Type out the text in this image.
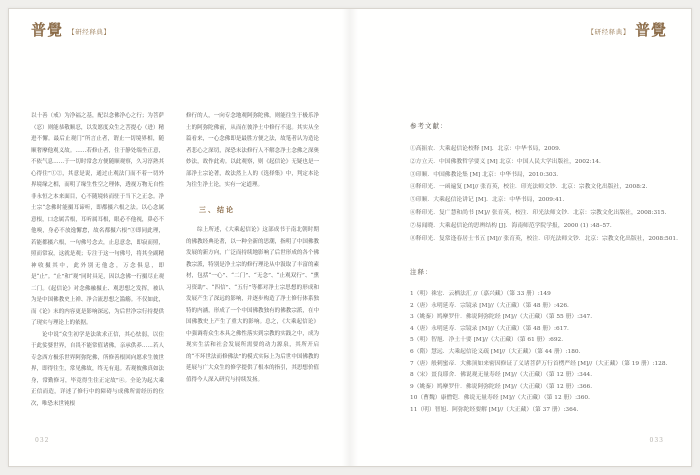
普覺 【研经释典】

以十善（戒）为净福之基，配以念佛净心之行；为菩萨（忍）则能恭敬顺忍，以发愿度众生之菩提心（进）精进不懈。最后止观门“所言止者，谓止一切境界相，随顺奢摩他观义故。……若修止者，住于静处端坐正意，不依气息……于一切时常念方便随顺观察，久习淳熟其心得住”①②，其意是说，通过止观法门而不着一切外界境缘之相，而明了缘生性空之理体，透视万物无自性非永恒之本来面目，心不随境转而驻于当下之正念。净土宗“念佛时能摄耳谛听，即都摄六根之法。以心念属意根，口念属舌根，耳听属耳根，眼必不他视，鼻必不他嗅，身必不放逸懈怠，故名都摄六根”③即同此理，若能都摄六根，一句佛号念去，止息意念，即寂而照，照而常寂，这就是观；专注于这一句佛号，将其全副精神收摄其中，此外别无他念，万念俱息，即是“止”。“止”和“观”同时具足，因以念佛一行摄尽止观二门。《起信论》对念佛融摄止、观思想之发挥，被认为是中国佛教史上禅、净合流思想之滥觞。不仅如此，而《论》末的内容更是影响深远，为后世净宗行持提供了现实与理论上的依据。

论中说“众生初学是法欲求正信，其心怯弱，以住于此娑婆世界，自畏不能常值诸佛，亲承供养……若人专念西方极乐世界阿弥陀佛，所修善根回向愿求生彼世界，即得往生，常见佛故，终无有退。若观彼佛真如法身，常勤修习，毕竟得生住正定故”④。全论为起大乘正信而造，详述了修行中的障碍与成佛所需经历的位次，唯恐末世钝根

修行的人，一向专念地观阿弥陀佛，则能往生于极乐净土的阿弥陀佛前，从而在彼净土中修行不退。其实从全篇看来，一心念佛即是最胜方便之法，故笔者认为造论者悲心之深切，深恐末法修行人不解念净土念佛之深奥妙法，故作此劝。以此观察，则《起信论》无疑也是一部净土宗论著，故法然上人的《选择集》中，判定本论为往生净土论，实有一定道理。

三、结论

综上所述，《大乘起信论》这部成书于南北朝时期的佛教经典论著，以一种全新的思潮，指明了中国佛教发展的新方向，广泛而持续地影响了后世形成的各个佛教宗派，特别是净土宗的修行理论从中汲取了丰富的素材，包括“一心”、“二门”、“无念”、“止观双行”、“熏习资助”、“四信”、“五行”等都对净土宗思想的形成和发展产生了深远的影响，并逐步构造了净土修行体系独特的内涵，形成了一个中国佛教独有的佛教宗派，在中国佛教史上产生了重大的影响。总之，《大乘起信论》中强调将众生本具之佛性落实到宗教的实践之中，成为现实生活和社会发展所需要的动力源泉，其所开启的“不坏世法而修佛法”的模式实际上为后世中国佛教的延展与广大众生的修学提供了根本的指引，其思想价值值得今人深入研究与持续发扬。

032
【研经释典】 普覺
参考文献：
①高振农．大乘起信论校释 [M]．北京：中华书局，2009.
②方立天．中国佛教哲学要义 [M] 北京：中国人民大学出版社，2002:14.
③印顺．中国佛教论集 [M] 北京：中华书局，2010:303.
④释印光．一函遍复 [M]// 张育英，校注．印光法师文钞．北京：宗教文化出版社，2008:2.
⑤印顺．大乘起信论讲记 [M]．北京：中华书局，2009:41.
⑥释印光．复广慧和尚书 [M]// 张育英，校注．印光法师文钞．北京：宗教文化出版社，2008:315.
⑦易闻晓．大乘起信论的思辨结构 [J]．海南师范学院学报，2000 (1) :48–57.
⑧释印光．复常逢春居士书五 [M]// 张育英，校注．印光法师文钞．北京：宗教文化出版社，2008:501.
注释：
1（明）袾宏．云栖法汇 //（嘉兴藏）（第 33 册）:149
2（唐）永明延寿．宗镜录 [M]//（大正藏）（第 48 册）:426.
3（姚秦）鸠摩罗什．佛说阿弥陀经 [M]//（大正藏）（第 55 册）:347.
4（唐）永明延寿．宗镜录 [M]//（大正藏）（第 48 册）:617.
5（明）智旭．净土十要 [M]//（大正藏）（第 61 册）:692.
6（隋）慧远．大乘起信论义疏 [M]//（大正藏）（第 44 册）:180.
7（唐）般剌蜜帝．大佛顶如来密因修证了义诸菩萨万行首楞严经 [M]//（大正藏）（第 19 册）:128.
8（宋）畺良耶舍．佛说观无量寿经 [M]//（大正藏）（第 12 册）:344.
9（姚秦）鸠摩罗什．佛说阿弥陀经 [M]//（大正藏）（第 12 册）:366.
10（曹魏）康僧铠．佛说无量寿经 [M]//（大正藏）（第 12 册）:360.
11（明）智旭．阿弥陀经要解 [M]//（大正藏）（第 37 册）:364.
033
